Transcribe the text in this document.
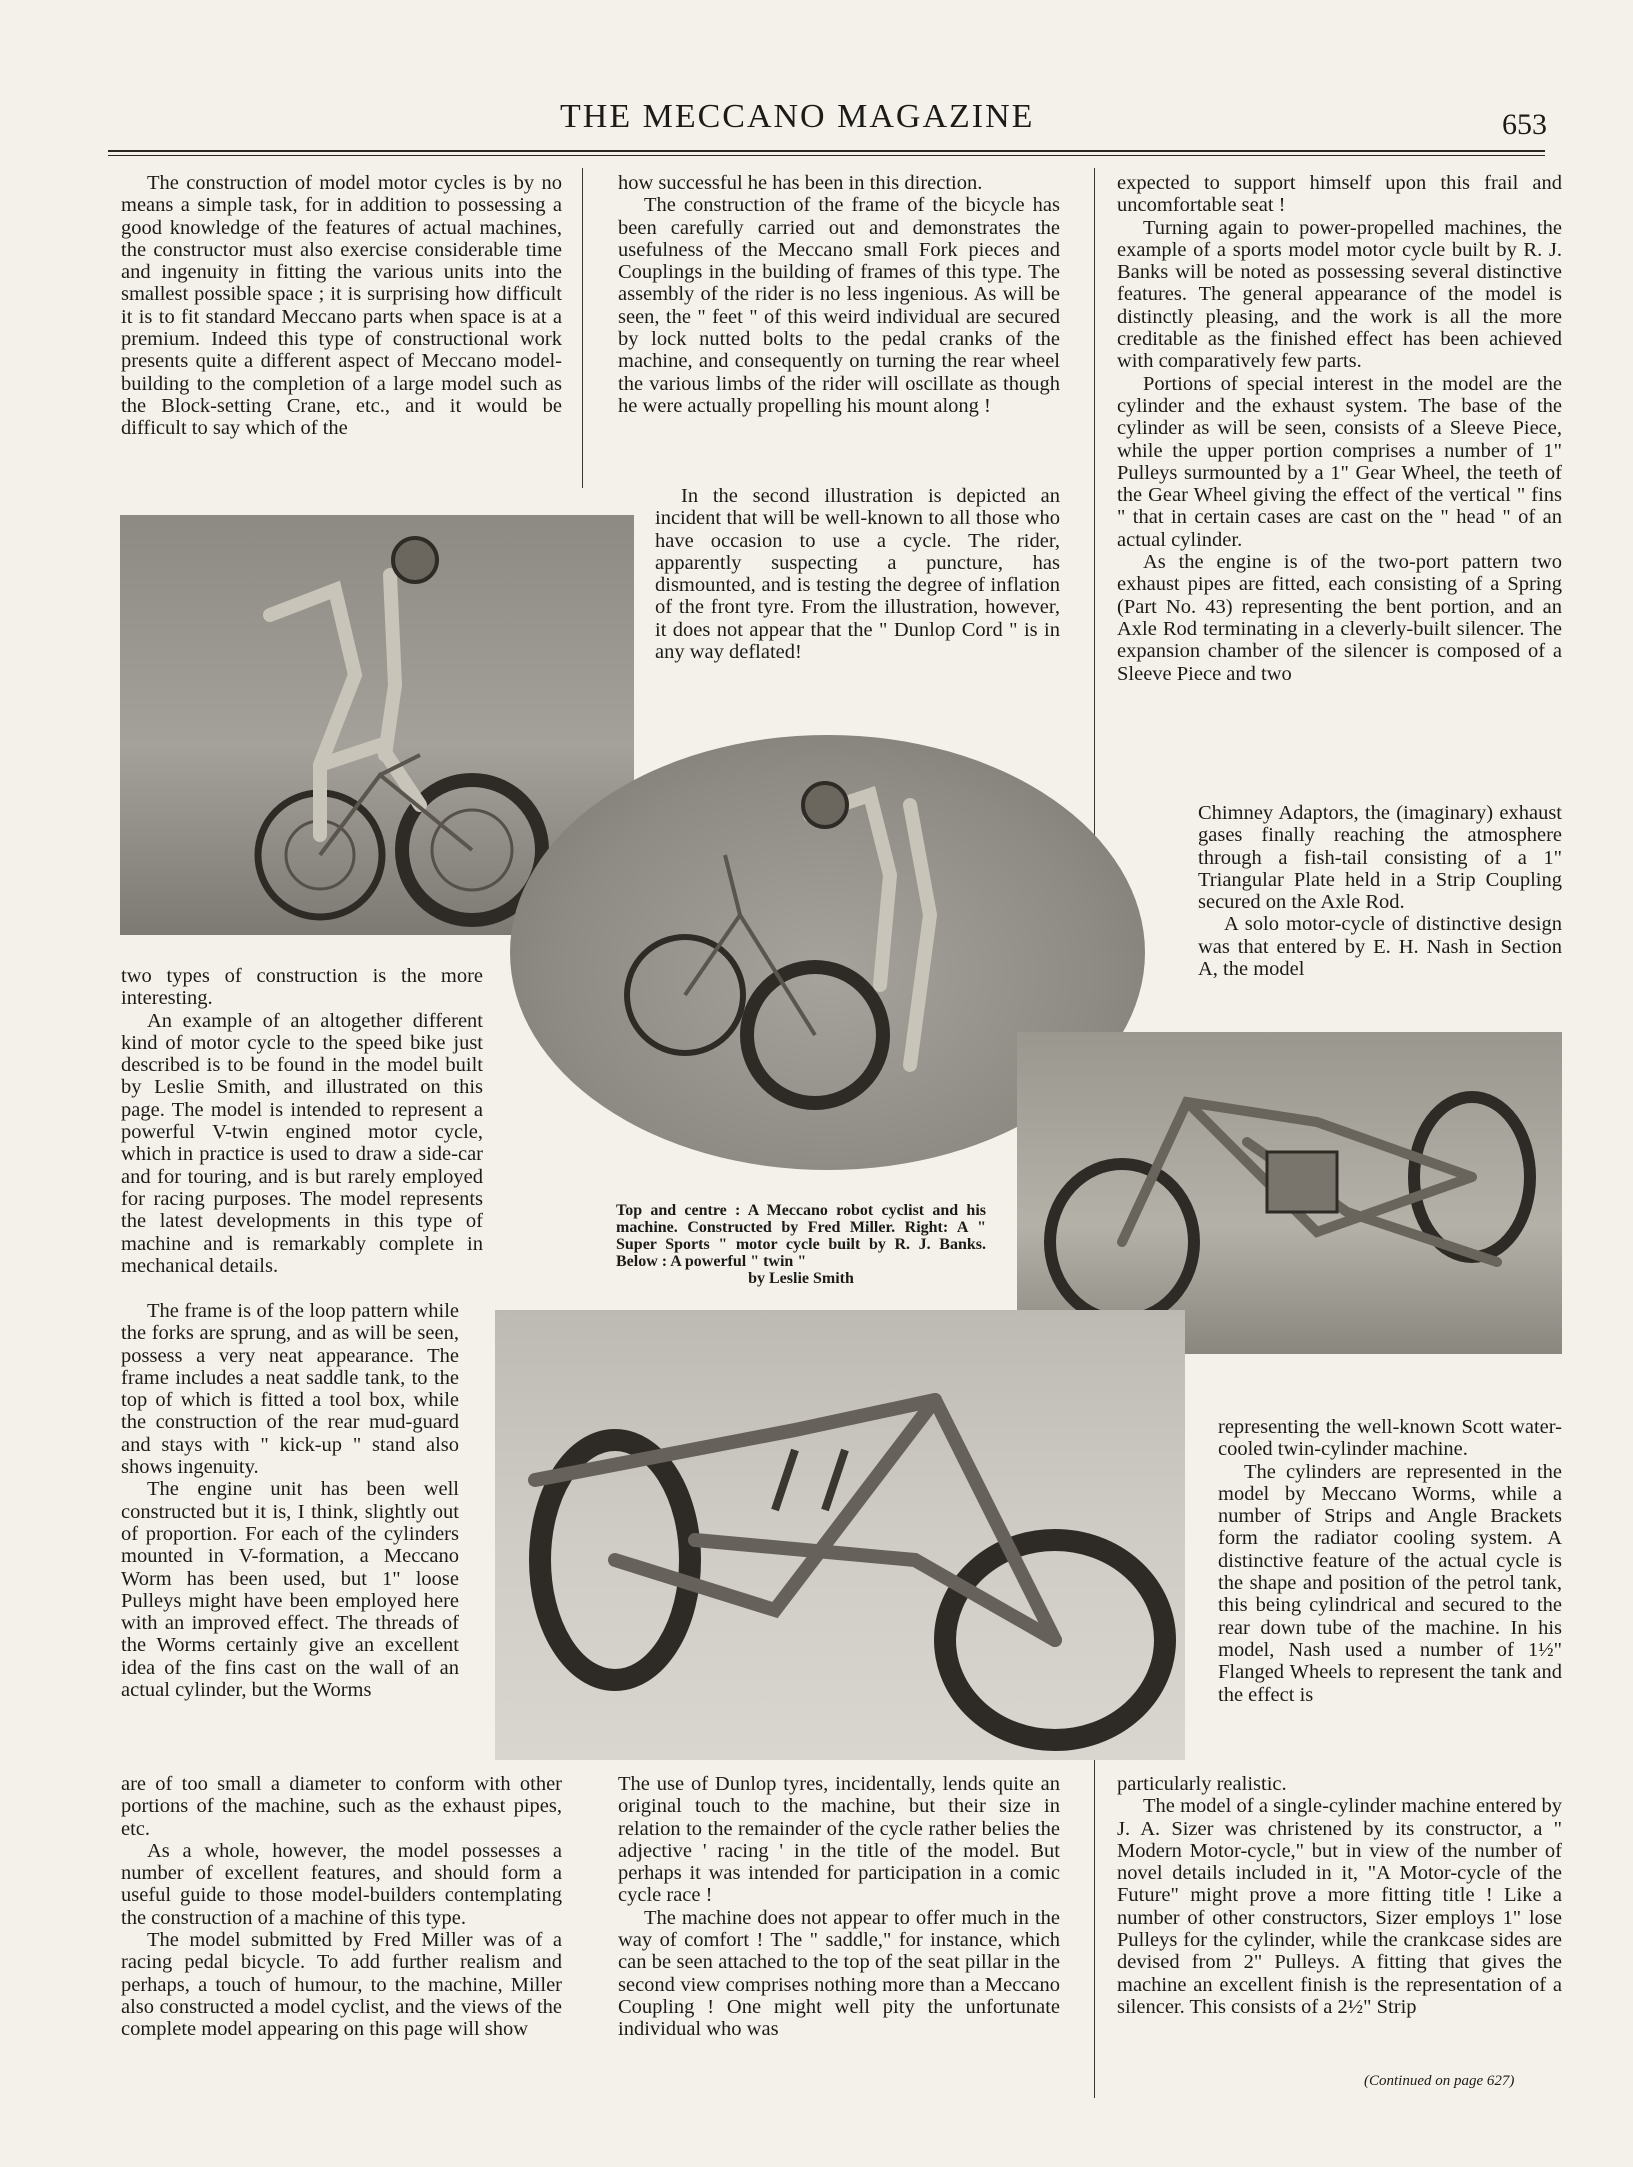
THE MECCANO MAGAZINE	653

The construction of model motor cycles is by no means a simple task, for in addition to possessing a good knowledge of the features of actual machines, the constructor must also exercise considerable time and ingenuity in fitting the various units into the smallest possible space ; it is surprising how difficult it is to fit standard Meccano parts when space is at a premium. Indeed this type of constructional work presents quite a different aspect of Meccano model-building to the completion of a large model such as the Block-setting Crane, etc., and it would be difficult to say which of the

two types of construction is the more interesting.

An example of an altogether different kind of motor cycle to the speed bike just described is to be found in the model built by Leslie Smith, and illustrated on this page. The model is intended to represent a powerful V-twin engined motor cycle, which in practice is used to draw a side-car and for touring, and is but rarely employed for racing purposes. The model represents the latest developments in this type of machine and is remarkably complete in mechanical details.

The frame is of the loop pattern while the forks are sprung, and as will be seen, possess a very neat appearance. The frame includes a neat saddle tank, to the top of which is fitted a tool box, while the construction of the rear mud-guard and stays with " kick-up " stand also shows ingenuity.

The engine unit has been well constructed but it is, I think, slightly out of proportion. For each of the cylinders mounted in V-formation, a Meccano Worm has been used, but 1" loose Pulleys might have been employed here with an improved effect. The threads of the Worms certainly give an excellent idea of the fins cast on the wall of an actual cylinder, but the Worms

are of too small a diameter to conform with other portions of the machine, such as the exhaust pipes, etc.

As a whole, however, the model possesses a number of excellent features, and should form a useful guide to those model-builders contemplating the construction of a machine of this type.

The model submitted by Fred Miller was of a racing pedal bicycle. To add further realism and perhaps, a touch of humour, to the machine, Miller also constructed a model cyclist, and the views of the complete model appearing on this page will show

how successful he has been in this direction.

The construction of the frame of the bicycle has been carefully carried out and demonstrates the usefulness of the Meccano small Fork pieces and Couplings in the building of frames of this type. The assembly of the rider is no less ingenious. As will be seen, the " feet " of this weird individual are secured by lock nutted bolts to the pedal cranks of the machine, and consequently on turning the rear wheel the various limbs of the rider will oscillate as though he were actually propelling his mount along !

In the second illustration is depicted an incident that will be well-known to all those who have occasion to use a cycle. The rider, apparently suspecting a puncture, has dismounted, and is testing the degree of inflation of the front tyre. From the illustration, however, it does not appear that the " Dunlop Cord " is in any way deflated!

Top and centre : A Meccano robot cyclist and his machine. Constructed by Fred Miller. Right: A " Super Sports " motor cycle built by R. J. Banks. Below : A powerful " twin "
by Leslie Smith

The use of Dunlop tyres, incidentally, lends quite an original touch to the machine, but their size in relation to the remainder of the cycle rather belies the adjective ' racing ' in the title of the model. But perhaps it was intended for participation in a comic cycle race !

The machine does not appear to offer much in the way of comfort ! The " saddle," for instance, which can be seen attached to the top of the seat pillar in the second view comprises nothing more than a Meccano Coupling ! One might well pity the unfortunate individual who was

expected to support himself upon this frail and uncomfortable seat !

Turning again to power-propelled machines, the example of a sports model motor cycle built by R. J. Banks will be noted as possessing several distinctive features. The general appearance of the model is distinctly pleasing, and the work is all the more creditable as the finished effect has been achieved with comparatively few parts.

Portions of special interest in the model are the cylinder and the exhaust system. The base of the cylinder as will be seen, consists of a Sleeve Piece, while the upper portion comprises a number of 1" Pulleys surmounted by a 1" Gear Wheel, the teeth of the Gear Wheel giving the effect of the vertical " fins " that in certain cases are cast on the " head " of an actual cylinder.

As the engine is of the two-port pattern two exhaust pipes are fitted, each consisting of a Spring (Part No. 43) representing the bent portion, and an Axle Rod terminating in a cleverly-built silencer. The expansion chamber of the silencer is composed of a Sleeve Piece and two

Chimney Adaptors, the (imaginary) exhaust gases finally reaching the atmosphere through a fish-tail consisting of a 1" Triangular Plate held in a Strip Coupling secured on the Axle Rod.

A solo motor-cycle of distinctive design was that entered by E. H. Nash in Section A, the model

representing the well-known Scott water-cooled twin-cylinder machine.

The cylinders are represented in the model by Meccano Worms, while a number of Strips and Angle Brackets form the radiator cooling system. A distinctive feature of the actual cycle is the shape and position of the petrol tank, this being cylindrical and secured to the rear down tube of the machine. In his model, Nash used a number of 1½" Flanged Wheels to represent the tank and the effect is

particularly realistic.

The model of a single-cylinder machine entered by J. A. Sizer was christened by its constructor, a " Modern Motor-cycle," but in view of the number of novel details included in it, "A Motor-cycle of the Future" might prove a more fitting title ! Like a number of other constructors, Sizer employs 1" lose Pulleys for the cylinder, while the crankcase sides are devised from 2" Pulleys. A fitting that gives the machine an excellent finish is the representation of a silencer. This consists of a 2½" Strip

(Continued on page 627)
